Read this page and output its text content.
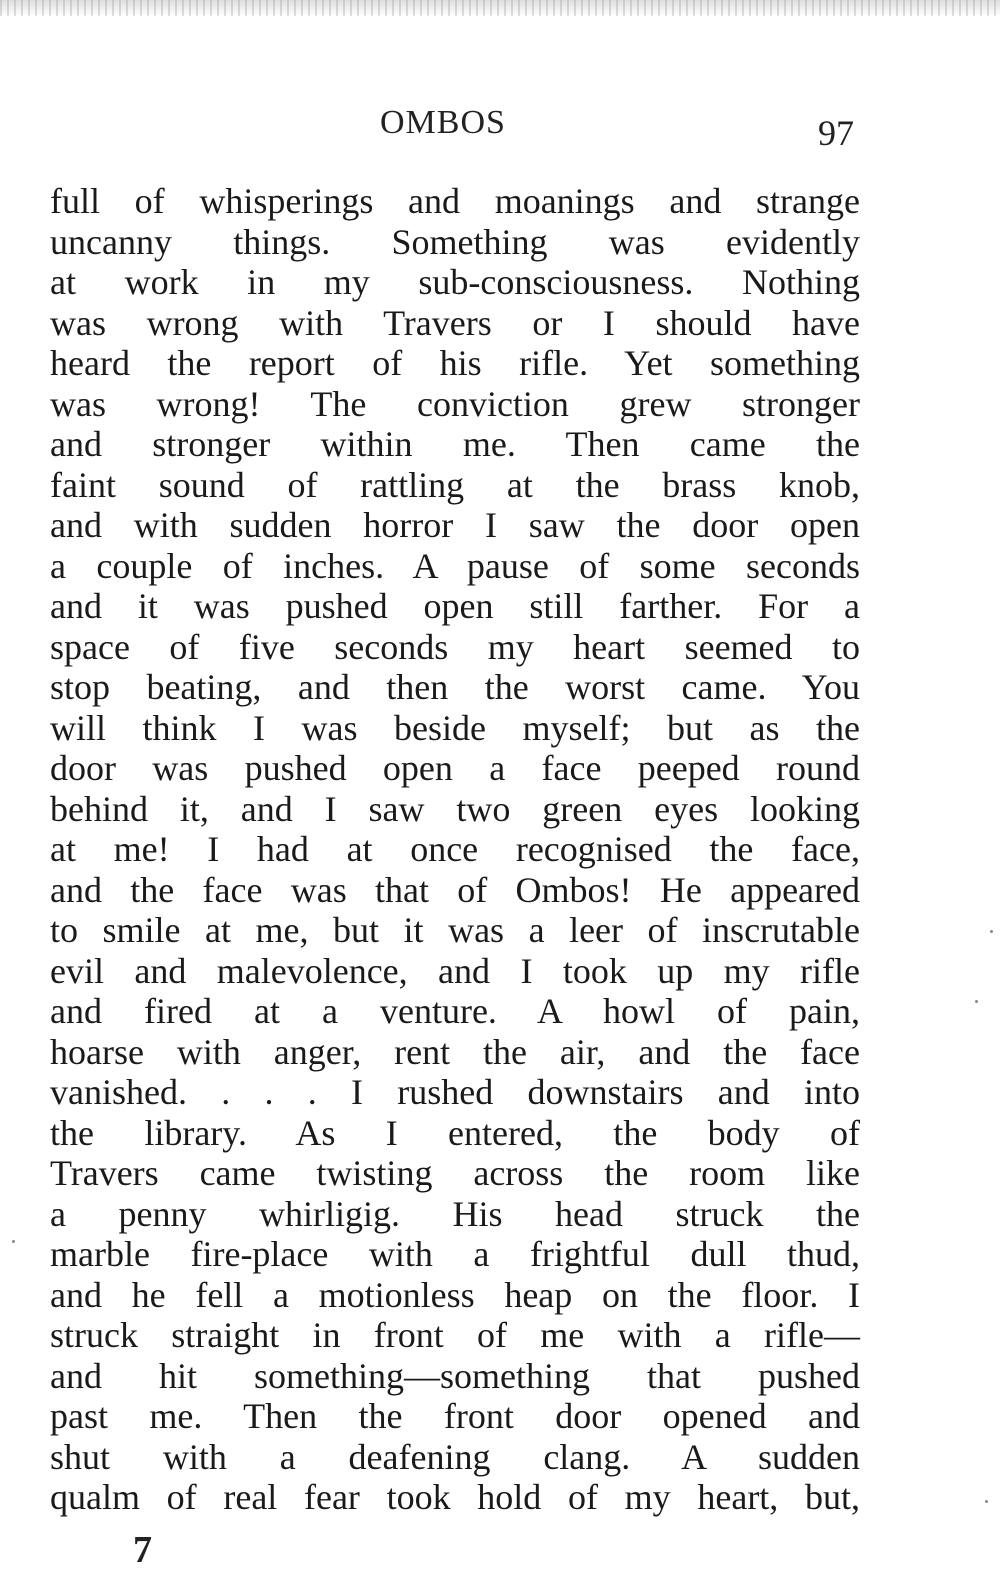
OMBOS	97
full of whisperings and moanings and strange
uncanny things. Something was evidently
at work in my sub-consciousness. Nothing
was wrong with Travers or I should have
heard the report of his rifle. Yet something
was wrong! The conviction grew stronger
and stronger within me. Then came the
faint sound of rattling at the brass knob,
and with sudden horror I saw the door open
a couple of inches. A pause of some seconds
and it was pushed open still farther. For a
space of five seconds my heart seemed to
stop beating, and then the worst came. You
will think I was beside myself; but as the
door was pushed open a face peeped round
behind it, and I saw two green eyes looking
at me! I had at once recognised the face,
and the face was that of Ombos! He appeared
to smile at me, but it was a leer of inscrutable
evil and malevolence, and I took up my rifle
and fired at a venture. A howl of pain,
hoarse with anger, rent the air, and the face
vanished. . . . I rushed downstairs and into
the library. As I entered, the body of
Travers came twisting across the room like
a penny whirligig. His head struck the
marble fire-place with a frightful dull thud,
and he fell a motionless heap on the floor. I
struck straight in front of me with a rifle—
and hit something—something that pushed
past me. Then the front door opened and
shut with a deafening clang. A sudden
qualm of real fear took hold of my heart, but,
7
